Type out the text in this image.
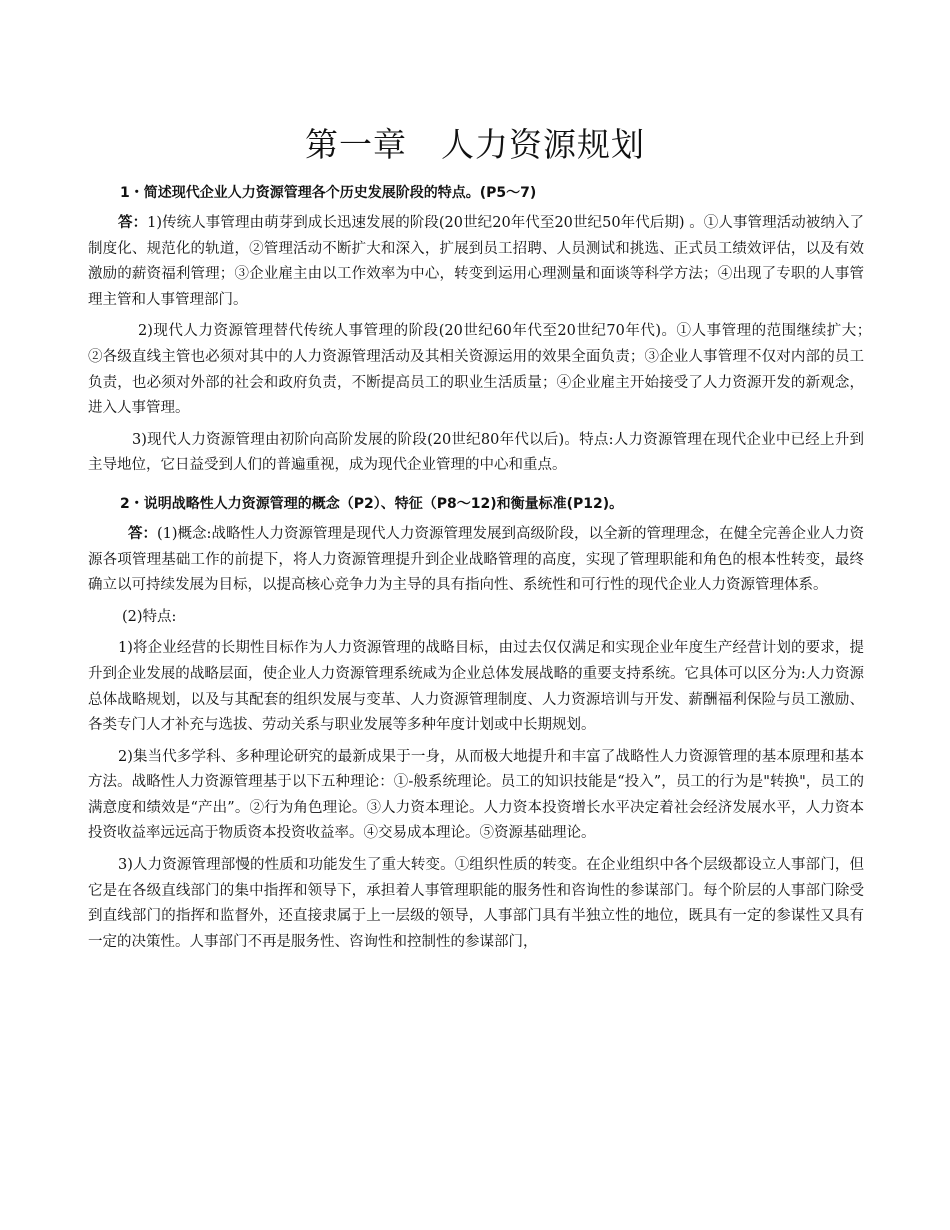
第一章　人力资源规划
1・简述现代企业人力资源管理各个历史发展阶段的特点。(P5～7)

答：1)传统人事管理由萌芽到成长迅速发展的阶段(20世纪20年代至20世纪50年代后期) 。①人事管理活动被纳入了制度化、规范化的轨道，②管理活动不断扩大和深入，扩展到员工招聘、人员测试和挑选、正式员工绩效评估，以及有效激励的薪资福利管理；③企业雇主由以工作效率为中心，转变到运用心理测量和面谈等科学方法；④出现了专职的人事管理主管和人事管理部门。

2)现代人力资源管理替代传统人事管理的阶段(20世纪60年代至20世纪70年代)。①人事管理的范围继续扩大；　②各级直线主管也必须对其中的人力资源管理活动及其相关资源运用的效果全面负责；③企业人事管理不仅对内部的员工负责，也必须对外部的社会和政府负责，不断提高员工的职业生活质量；④企业雇主开始接受了人力资源开发的新观念，进入人事管理。

3)现代人力资源管理由初阶向高阶发展的阶段(20世纪80年代以后)。特点:人力资源管理在现代企业中已经上升到主导地位，它日益受到人们的普遍重视，成为现代企业管理的中心和重点。

2・说明战略性人力资源管理的概念（P2）、特征（P8～12)和衡量标准(P12)。

答：(1)概念:战略性人力资源管理是现代人力资源管理发展到高级阶段，以全新的管理理念，在健全完善企业人力资源各项管理基础工作的前提下，将人力资源管理提升到企业战略管理的高度，实现了管理职能和角色的根本性转变，最终确立以可持续发展为目标，以提高核心竞争力为主导的具有指向性、系统性和可行性的现代企业人力资源管理体系。

(2)特点:

1)将企业经营的长期性目标作为人力资源管理的战略目标，由过去仅仅满足和实现企业年度生产经营计划的要求，提升到企业发展的战略层面，使企业人力资源管理系统咸为企业总体发展战略的重要支持系统。它具体可以区分为:人力资源总体战略规划，以及与其配套的组织发展与变革、人力资源管理制度、人力资源培训与开发、薪酬福利保险与员工激励、各类专门人才补充与选拔、劳动关系与职业发展等多种年度计划或中长期规划。

2)集当代多学科、多种理论研究的最新成果于一身，从而极大地提升和丰富了战略性人力资源管理的基本原理和基本方法。战略性人力资源管理基于以下五种理论：①-般系统理论。员工的知识技能是“投入”，员工的行为是"转换"，员工的满意度和绩效是“产出”。②行为角色理论。③人力资本理论。人力资本投资增长水平决定着社会经济发展水平，人力资本投资收益率远远高于物质资本投资收益率。④交易成本理论。⑤资源基础理论。

3)人力资源管理部慢的性质和功能发生了重大转变。①组织性质的转变。在企业组织中各个层级都设立人事部门，但它是在各级直线部门的集中指挥和领导下，承担着人事管理职能的服务性和咨询性的参谋部门。每个阶层的人事部门除受到直线部门的指挥和监督外，还直接隶属于上一层级的领导，人事部门具有半独立性的地位，既具有一定的参谋性又具有一定的决策性。人事部门不再是服务性、咨询性和控制性的参谋部门，
